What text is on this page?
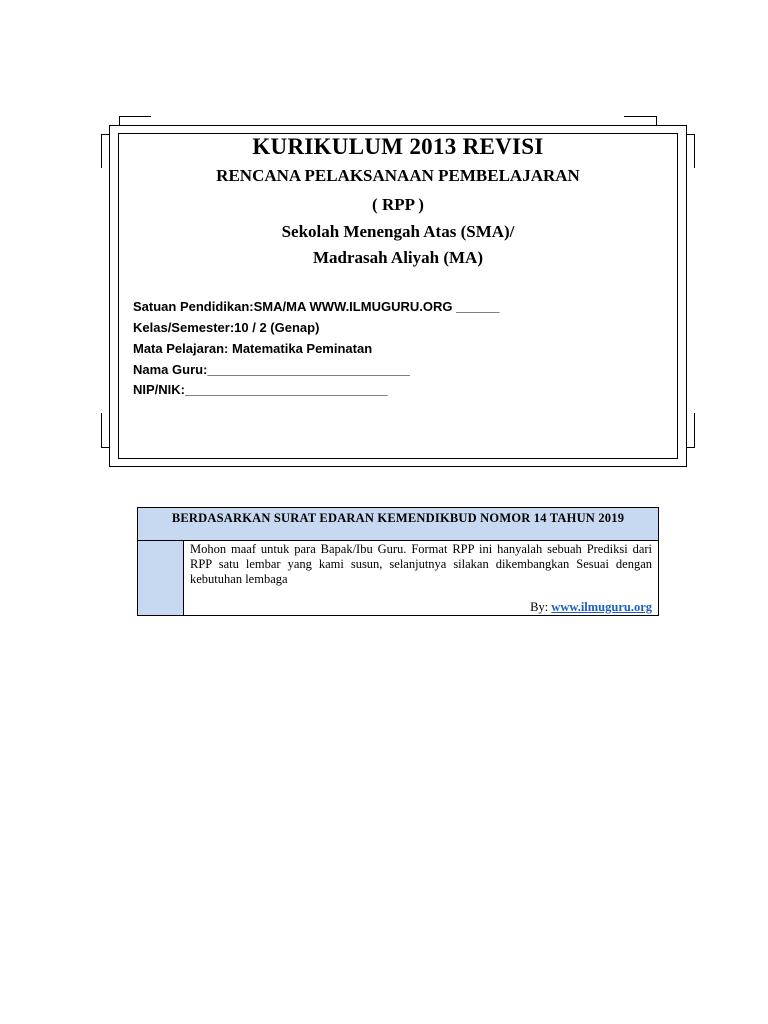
KURIKULUM 2013 REVISI
RENCANA PELAKSANAAN PEMBELAJARAN
( RPP )
Sekolah Menengah Atas (SMA)/
Madrasah Aliyah (MA)
Satuan Pendidikan:SMA/MA WWW.ILMUGURU.ORG ______
Kelas/Semester:10 / 2 (Genap)
Mata Pelajaran: Matematika Peminatan
Nama Guru:____________________________
NIP/NIK:____________________________
BERDASARKAN SURAT EDARAN KEMENDIKBUD NOMOR 14 TAHUN 2019
Mohon maaf untuk para Bapak/Ibu Guru. Format RPP ini hanyalah sebuah Prediksi dari RPP satu lembar yang kami susun, selanjutnya silakan dikembangkan Sesuai dengan kebutuhan lembaga
By: www.ilmuguru.org
